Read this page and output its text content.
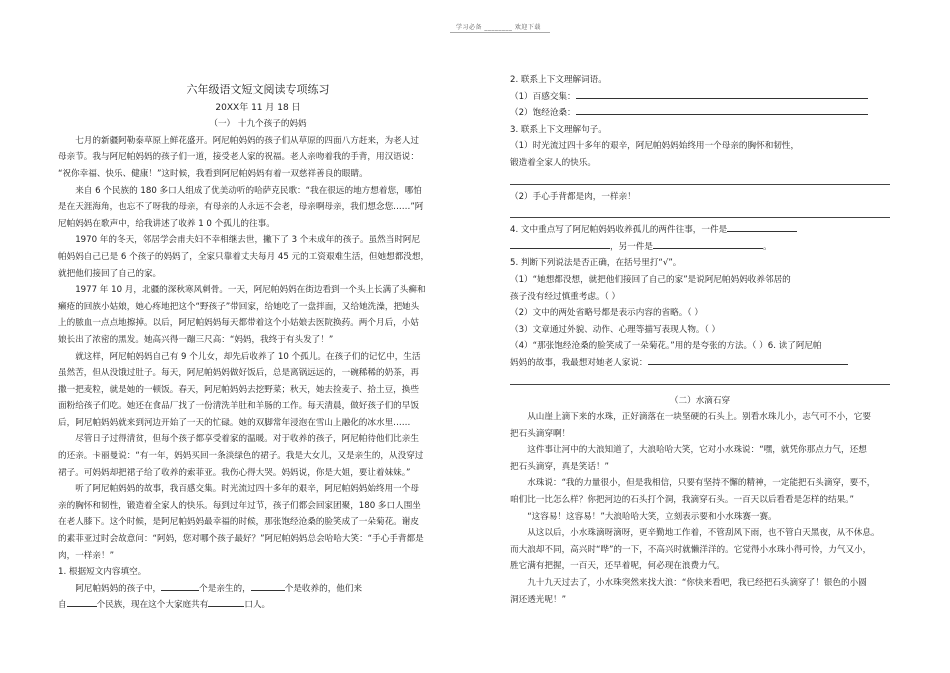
学习必备 ________ 欢迎下载

六年级语文短文阅读专项练习

20XX年 11 月 18 日

（一） 十九个孩子的妈妈

七月的新疆阿勒泰草原上鲜花盛开。阿尼帕妈妈的孩子们从草原的四面八方赶来，为老人过

母亲节。我与阿尼帕妈妈的孩子们一道，接受老人家的祝福。老人亲吻着我的手背，用汉语说：

“祝你幸福、快乐、健康！”这时候，我看到阿尼帕妈妈有着一双慈祥善良的眼睛。

来自 6 个民族的 180 多口人组成了优美动听的哈萨克民歌：“我在很远的地方想着您，哪怕

是在天涯海角，也忘不了呀我的母亲，有母亲的人永远不会老，母亲啊母亲，我们想念您……”阿

尼帕妈妈在歌声中，给我讲述了收养 1 0 个孤儿的往事。

1970 年的冬天，邻居学会甫夫妇不幸相继去世，撇下了 3 个未成年的孩子。虽然当时阿尼

帕妈妈自己已是 6 个孩子的妈妈了，全家只靠着丈夫每月 45 元的工资艰难生活，但她想都没想，

就把他们接回了自己的家。

1977 年 10 月，北疆的深秋寒风刺骨。一天，阿尼帕妈妈在街边看到一个头上长满了头癣和

癞疮的回族小姑娘，她心疼地把这个“野孩子”带回家，给她吃了一盘拌面，又给她洗澡，把她头

上的脓血一点点地擦掉。以后，阿尼帕妈妈每天都带着这个小姑娘去医院换药。两个月后，小姑

娘长出了浓密的黑发。她高兴得一蹦三尺高：“妈妈，我终于有头发了！”

就这样，阿尼帕妈妈自己有 9 个儿女，却先后收养了 10 个孤儿。在孩子们的记忆中，生活

虽然苦，但从没饿过肚子。每天，阿尼帕妈妈做好饭后，总是离锅远远的，一碗稀稀的奶茶，再

撒一把麦粒，就是她的一顿饭。春天，阿尼帕妈妈去挖野菜；秋天，她去捡麦子、拾土豆，换些

面粉给孩子们吃。她还在食品厂找了一份清洗羊肚和羊肠的工作。每天清晨，做好孩子们的早饭

后，阿尼帕妈妈就来到河边开始了一天的忙碌。她的双脚常年浸泡在雪山上融化的冰水里……

尽管日子过得清贫，但每个孩子都享受着家的温暖。对于收养的孩子，阿尼帕待他们比亲生

的还亲。卡丽曼说：“有一年，妈妈买回一条淡绿色的裙子。我是大女儿，又是亲生的，从没穿过

裙子。可妈妈却把裙子给了收养的索菲亚。我伤心得大哭。妈妈说，你是大姐，要让着妹妹。”

听了阿尼帕妈妈的故事，我百感交集。时光流过四十多年的艰辛，阿尼帕妈妈始终用一个母

亲的胸怀和韧性，锻造着全家人的快乐。每到过年过节，孩子们都会回家团聚，180 多口人围坐

在老人膝下。这个时候，是阿尼帕妈妈最幸福的时候，那张饱经沧桑的脸笑成了一朵菊花。谢皮

的素菲亚过时会故意问：“阿妈，您对哪个孩子最好？”阿尼帕妈妈总会哈哈大笑：“手心手背都是

肉，一样亲！”

1. 根据短文内容填空。

阿尼帕妈妈的孩子中，	个是亲生的，	个是收养的，他们来

自	个民族，现在这个大家庭共有	口人。

2. 联系上下文理解词语。

（1）百感交集：

（2）饱经沧桑：

3. 联系上下文理解句子。

（1）时光流过四十多年的艰辛，阿尼帕妈妈始终用一个母亲的胸怀和韧性，

锻造着全家人的快乐。

（2）手心手背都是肉，一样亲！

4. 文中重点写了阿尼帕妈妈收养孤儿的两件往事，一件是

，另一件是	。

5. 判断下列说法是否正确，在括号里打“√”。

（1）“她想都没想，就把他们接回了自己的家”是说阿尼帕妈妈收养邻居的

孩子没有经过慎重考虑。（ ）

（2）文中的两处省略号都是表示内容的省略。（ ）

（3）文章通过外貌、动作、心理等描写表现人物。（ ）

（4）“那张饱经沧桑的脸笑成了一朵菊花。”用的是夸张的方法。（ ）6. 读了阿尼帕

妈妈的故事，我最想对她老人家说：

（二）水滴石穿

从山崖上滴下来的水珠，正好滴落在一块坚硬的石头上。别看水珠儿小，志气可不小，它要

把石头滴穿啊！

这件事让河中的大浪知道了，大浪哈哈大笑，它对小水珠说：“嘿，就凭你那点力气，还想

把石头滴穿，真是笑话！”

水珠说：“我的力量很小，但是我相信，只要有坚持不懈的精神，一定能把石头滴穿，要不，

咱们比一比怎么样？你把河边的石头打个洞，我滴穿石头。一百天以后看看是怎样的结果。”

“这容易！这容易！”大浪哈哈大笑，立刻表示要和小水珠赛一赛。

从这以后，小水珠滴呀滴呀，更辛勤地工作着，不管刮风下雨，也不管白天黑夜，从不休息。

而大浪却不同，高兴时“哗”的一下，不高兴时就懒洋洋的。它觉得小水珠小得可怜，力气又小，

胜它满有把握，一百天，还早着呢，何必现在浪费力气。

九十九天过去了，小水珠突然来找大浪：“你快来看吧，我已经把石头滴穿了！银色的小圆

洞还透光呢！”
